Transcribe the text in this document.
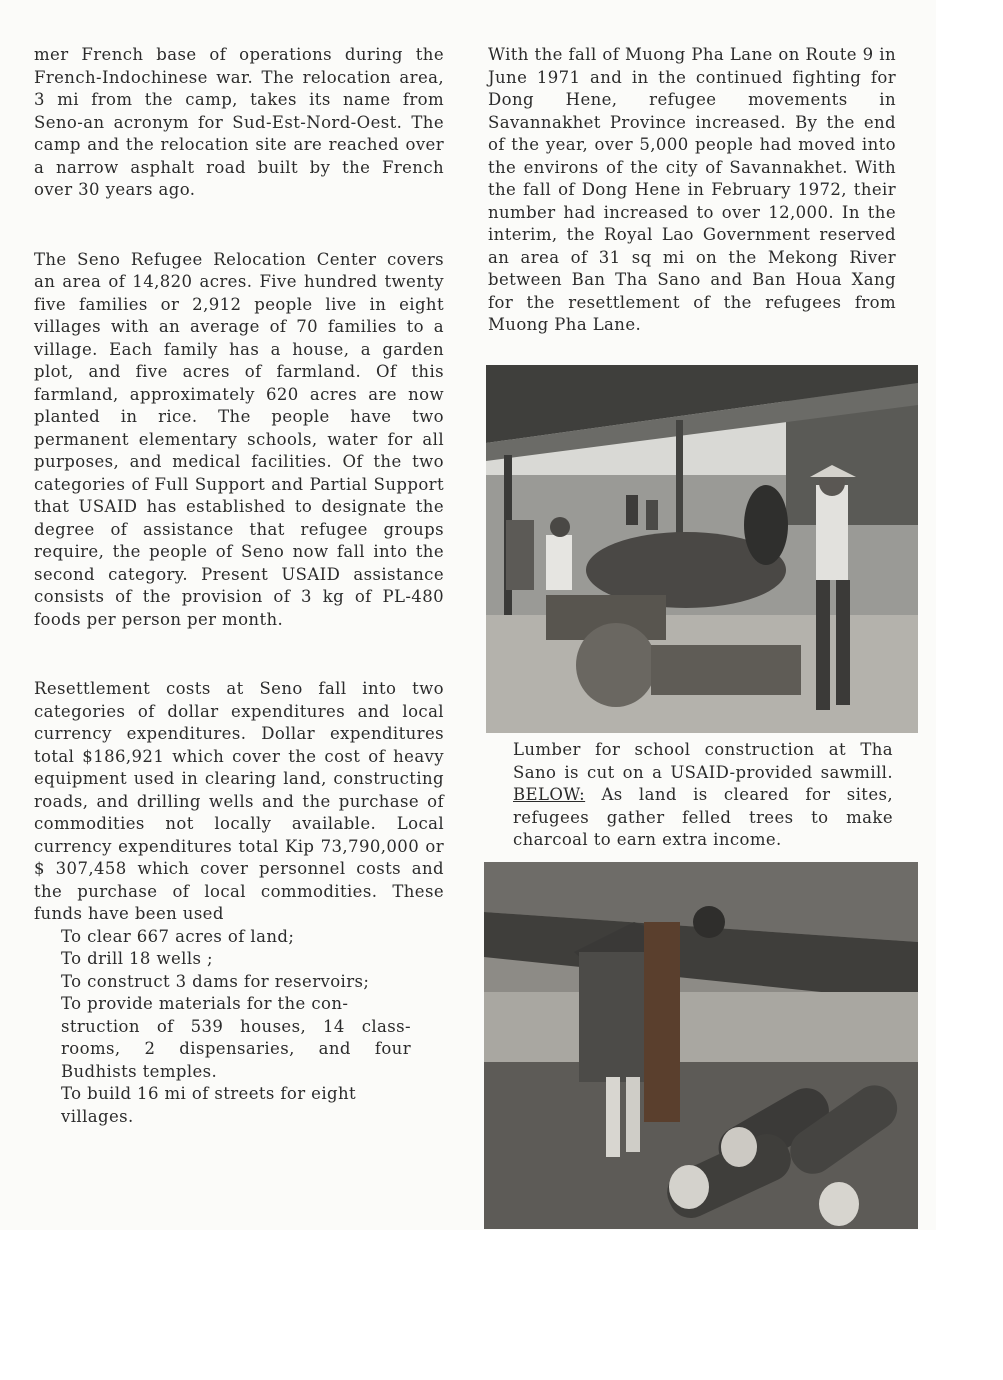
mer French base of operations during the French-Indochinese war. The relocation area, 3 mi from the camp, takes its name from Seno-an acronym for Sud-Est-Nord-Oest. The camp and the relocation site are reached over a narrow asphalt road built by the French over 30 years ago.

The Seno Refugee Relocation Center covers an area of 14,820 acres. Five hundred twenty five families or 2,912 people live in eight villages with an average of 70 families to a village. Each family has a house, a garden plot, and five acres of farmland. Of this farmland, approximately 620 acres are now planted in rice. The people have two permanent elementary schools, water for all purposes, and medical facilities. Of the two categories of Full Support and Partial Support that USAID has established to designate the degree of assistance that refugee groups require, the people of Seno now fall into the second category. Present USAID assistance consists of the provision of 3 kg of PL-480 foods per person per month.

Resettlement costs at Seno fall into two categories of dollar expenditures and local currency expenditures. Dollar expenditures total $186,921 which cover the cost of heavy equipment used in clearing land, constructing roads, and drilling wells and the purchase of commodities not locally available. Local currency expenditures total Kip 73,790,000 or $ 307,458 which cover personnel costs and the purchase of local commodities. These funds have been used

To clear 667 acres of land;
To drill 18 wells ;
To construct 3 dams for reservoirs;
To provide materials for the con-
struction of 539 houses, 14 class-rooms, 2 dispensaries, and four Budhists temples.
To build 16 mi of streets for eight
villages.

With the fall of Muong Pha Lane on Route 9 in June 1971 and in the continued fighting for Dong Hene, refugee movements in Savannakhet Province increased. By the end of the year, over 5,000 people had moved into the environs of the city of Savannakhet. With the fall of Dong Hene in February 1972, their number had increased to over 12,000. In the interim, the Royal Lao Government reserved an area of 31 sq mi on the Mekong River between Ban Tha Sano and Ban Houa Xang for the resettlement of the refugees from Muong Pha Lane.

Lumber for school construction at Tha Sano is cut on a USAID-provided sawmill. BELOW: As land is cleared for sites, refugees gather felled trees to make charcoal to earn extra income.
